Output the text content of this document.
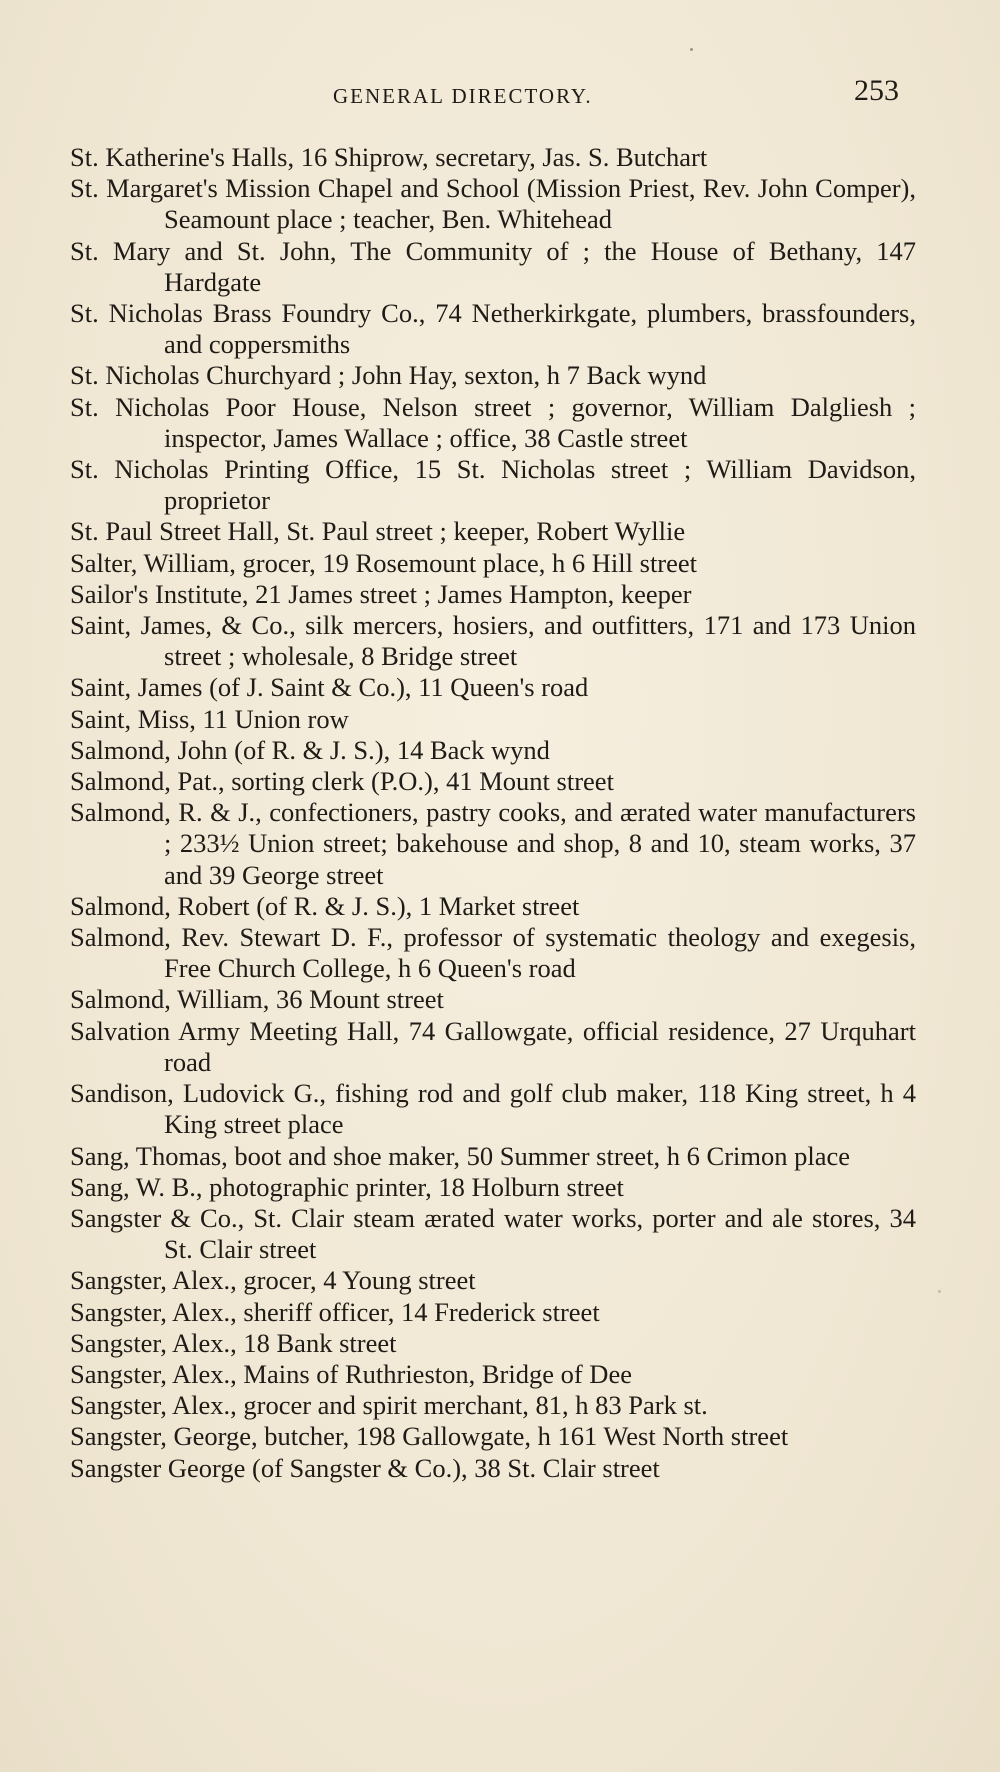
GENERAL DIRECTORY.	253
St. Katherine's Halls, 16 Shiprow, secretary, Jas. S. Butchart
St. Margaret's Mission Chapel and School (Mission Priest, Rev. John Comper), Seamount place ; teacher, Ben. Whitehead
St. Mary and St. John, The Community of ; the House of Bethany, 147 Hardgate
St. Nicholas Brass Foundry Co., 74 Netherkirkgate, plumbers, brassfounders, and coppersmiths
St. Nicholas Churchyard ; John Hay, sexton, h 7 Back wynd
St. Nicholas Poor House, Nelson street ; governor, William Dalgliesh ; inspector, James Wallace ; office, 38 Castle street
St. Nicholas Printing Office, 15 St. Nicholas street ; William Davidson, proprietor
St. Paul Street Hall, St. Paul street ; keeper, Robert Wyllie
Salter, William, grocer, 19 Rosemount place, h 6 Hill street
Sailor's Institute, 21 James street ; James Hampton, keeper
Saint, James, & Co., silk mercers, hosiers, and outfitters, 171 and 173 Union street ; wholesale, 8 Bridge street
Saint, James (of J. Saint & Co.), 11 Queen's road
Saint, Miss, 11 Union row
Salmond, John (of R. & J. S.), 14 Back wynd
Salmond, Pat., sorting clerk (P.O.), 41 Mount street
Salmond, R. & J., confectioners, pastry cooks, and ærated water manufacturers ; 233½ Union street; bakehouse and shop, 8 and 10, steam works, 37 and 39 George street
Salmond, Robert (of R. & J. S.), 1 Market street
Salmond, Rev. Stewart D. F., professor of systematic theology and exegesis, Free Church College, h 6 Queen's road
Salmond, William, 36 Mount street
Salvation Army Meeting Hall, 74 Gallowgate, official residence, 27 Urquhart road
Sandison, Ludovick G., fishing rod and golf club maker, 118 King street, h 4 King street place
Sang, Thomas, boot and shoe maker, 50 Summer street, h 6 Crimon place
Sang, W. B., photographic printer, 18 Holburn street
Sangster & Co., St. Clair steam ærated water works, porter and ale stores, 34 St. Clair street
Sangster, Alex., grocer, 4 Young street
Sangster, Alex., sheriff officer, 14 Frederick street
Sangster, Alex., 18 Bank street
Sangster, Alex., Mains of Ruthrieston, Bridge of Dee
Sangster, Alex., grocer and spirit merchant, 81, h 83 Park st.
Sangster, George, butcher, 198 Gallowgate, h 161 West North street
Sangster George (of Sangster & Co.), 38 St. Clair street
